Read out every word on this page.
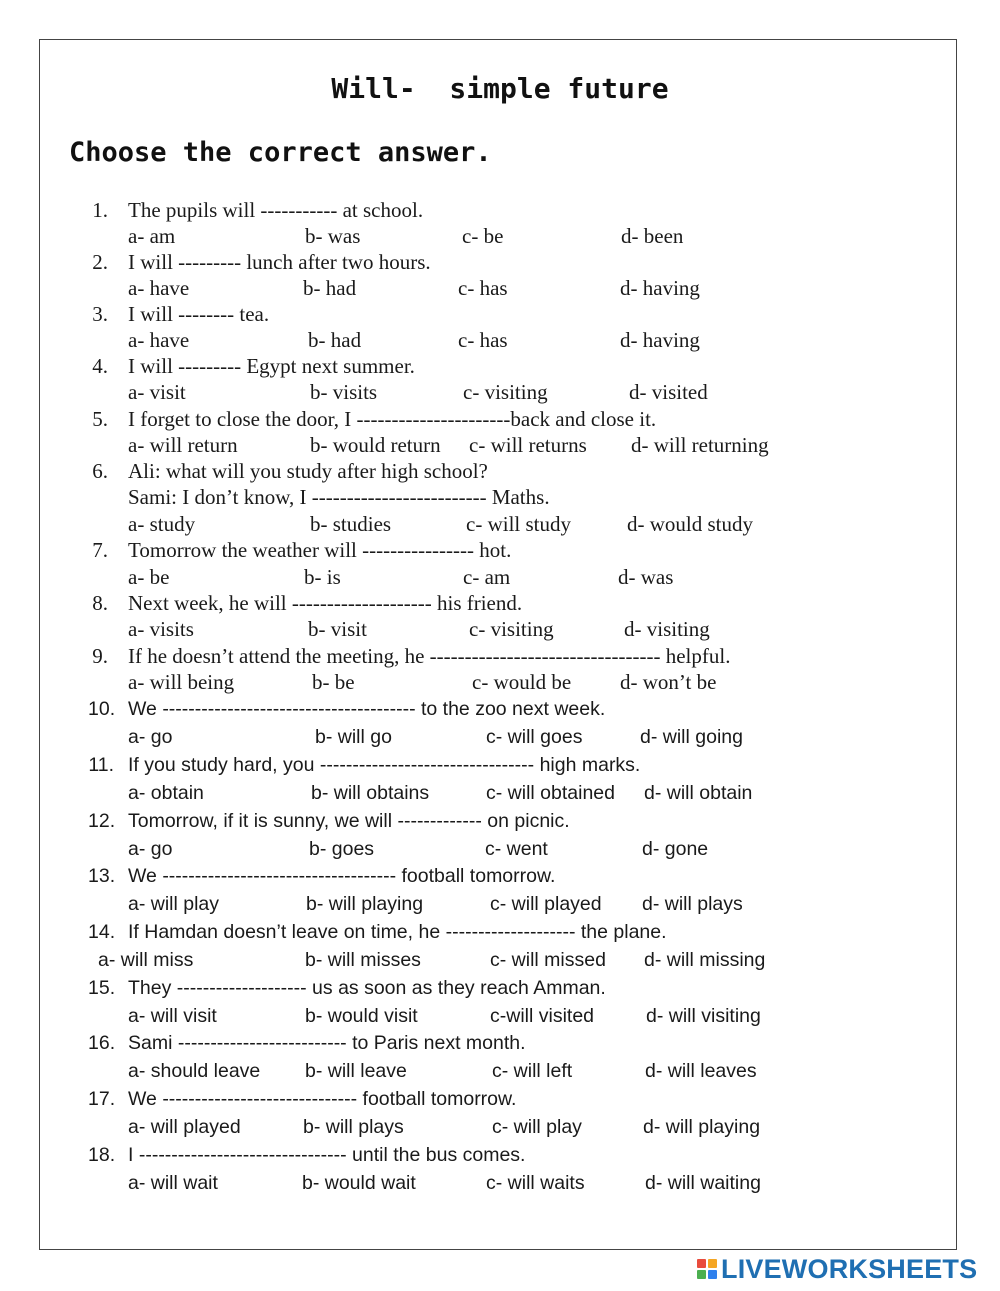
Will-  simple future
Choose the correct answer.
1. The pupils will ----------- at school.
a- am	b- was	c- be	d- been
2. I will --------- lunch after two hours.
a- have	b- had	c- has	d- having
3. I will -------- tea.
a- have	b- had	c- has	d- having
4. I will --------- Egypt next summer.
a- visit	b- visits	c- visiting	d- visited
5. I forget to close the door, I ----------------------back and close it.
a- will return	b- would return c- will returns d- will returning
6. Ali: what will you study after high school?
Sami: I don’t know, I ------------------------- Maths.
a- study	b- studies	c- will study	d- would study
7. Tomorrow the weather will ---------------- hot.
a- be	b- is	c- am	d- was
8. Next week, he will -------------------- his friend.
a- visits	b- visit	c- visiting	d- visiting
9. If he doesn’t attend the meeting, he --------------------------------- helpful.
a- will being	b- be	c- would be d- won’t be
10. We --------------------------------------- to the zoo next week.
a- go	b- will go	c- will goes	d- will going
11. If you study hard, you --------------------------------- high marks.
a- obtain	b- will obtains	c- will obtained d- will obtain
12. Tomorrow, if it is sunny, we will ------------- on picnic.
a- go	b- goes	c- went	d- gone
13. We ------------------------------------ football tomorrow.
a- will play	b- will playing	c- will played d- will plays
14. If Hamdan doesn’t leave on time, he -------------------- the plane.
a- will miss	b- will misses	c- will missed d- will missing
15. They -------------------- us as soon as they reach Amman.
a- will visit	b- would visit	c-will visited	d- will visiting
16. Sami -------------------------- to Paris next month.
a- should leave b- will leave	c- will left	d- will leaves
17. We ------------------------------ football tomorrow.
a- will played	b- will plays	c- will play	d- will playing
18. I -------------------------------- until the bus comes.
a- will wait	b- would wait	c- will waits	d- will waiting
LIVEWORKSHEETS
